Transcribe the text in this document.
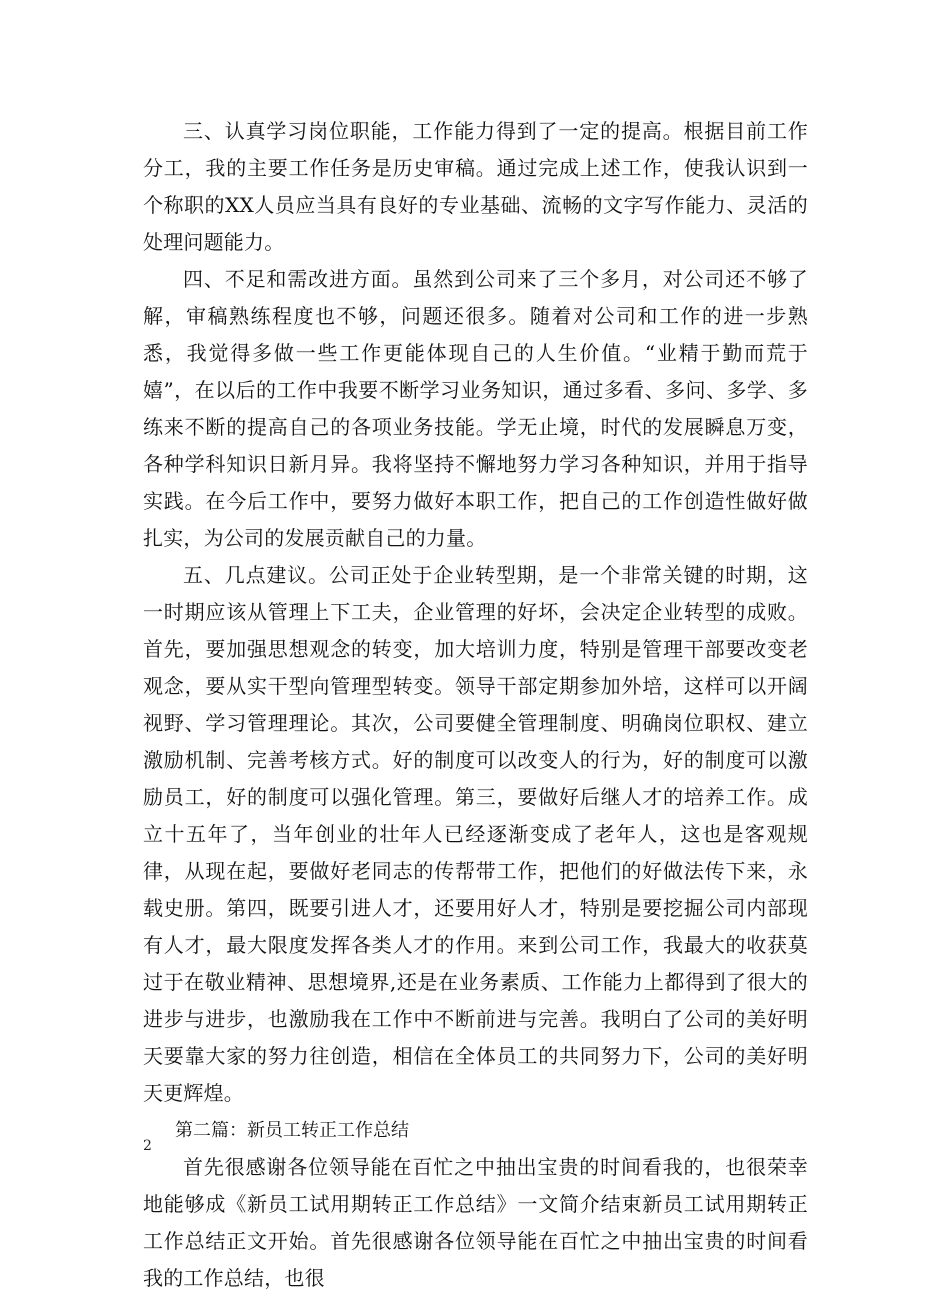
三、认真学习岗位职能，工作能力得到了一定的提高。根据目前工作分工，我的主要工作任务是历史审稿。通过完成上述工作，使我认识到一个称职的XX人员应当具有良好的专业基础、流畅的文字写作能力、灵活的处理问题能力。

四、不足和需改进方面。虽然到公司来了三个多月，对公司还不够了解，审稿熟练程度也不够，问题还很多。随着对公司和工作的进一步熟悉，我觉得多做一些工作更能体现自己的人生价值。“业精于勤而荒于嬉”，在以后的工作中我要不断学习业务知识，通过多看、多问、多学、多练来不断的提高自己的各项业务技能。学无止境，时代的发展瞬息万变，各种学科知识日新月异。我将坚持不懈地努力学习各种知识，并用于指导实践。在今后工作中，要努力做好本职工作，把自己的工作创造性做好做扎实，为公司的发展贡献自己的力量。

五、几点建议。公司正处于企业转型期，是一个非常关键的时期，这一时期应该从管理上下工夫，企业管理的好坏，会决定企业转型的成败。首先，要加强思想观念的转变，加大培训力度，特别是管理干部要改变老观念，要从实干型向管理型转变。领导干部定期参加外培，这样可以开阔视野、学习管理理论。其次，公司要健全管理制度、明确岗位职权、建立激励机制、完善考核方式。好的制度可以改变人的行为，好的制度可以激励员工，好的制度可以强化管理。第三，要做好后继人才的培养工作。成立十五年了，当年创业的壮年人已经逐渐变成了老年人，这也是客观规律，从现在起，要做好老同志的传帮带工作，把他们的好做法传下来，永载史册。第四，既要引进人才，还要用好人才，特别是要挖掘公司内部现有人才，最大限度发挥各类人才的作用。来到公司工作，我最大的收获莫过于在敬业精神、思想境界,还是在业务素质、工作能力上都得到了很大的进步与进步，也激励我在工作中不断前进与完善。我明白了公司的美好明天要靠大家的努力往创造，相信在全体员工的共同努力下，公司的美好明天更辉煌。

第二篇：新员工转正工作总结

首先很感谢各位领导能在百忙之中抽出宝贵的时间看我的，也很荣幸地能够成《新员工试用期转正工作总结》一文简介结束新员工试用期转正工作总结正文开始。首先很感谢各位领导能在百忙之中抽出宝贵的时间看我的工作总结，也很

2
